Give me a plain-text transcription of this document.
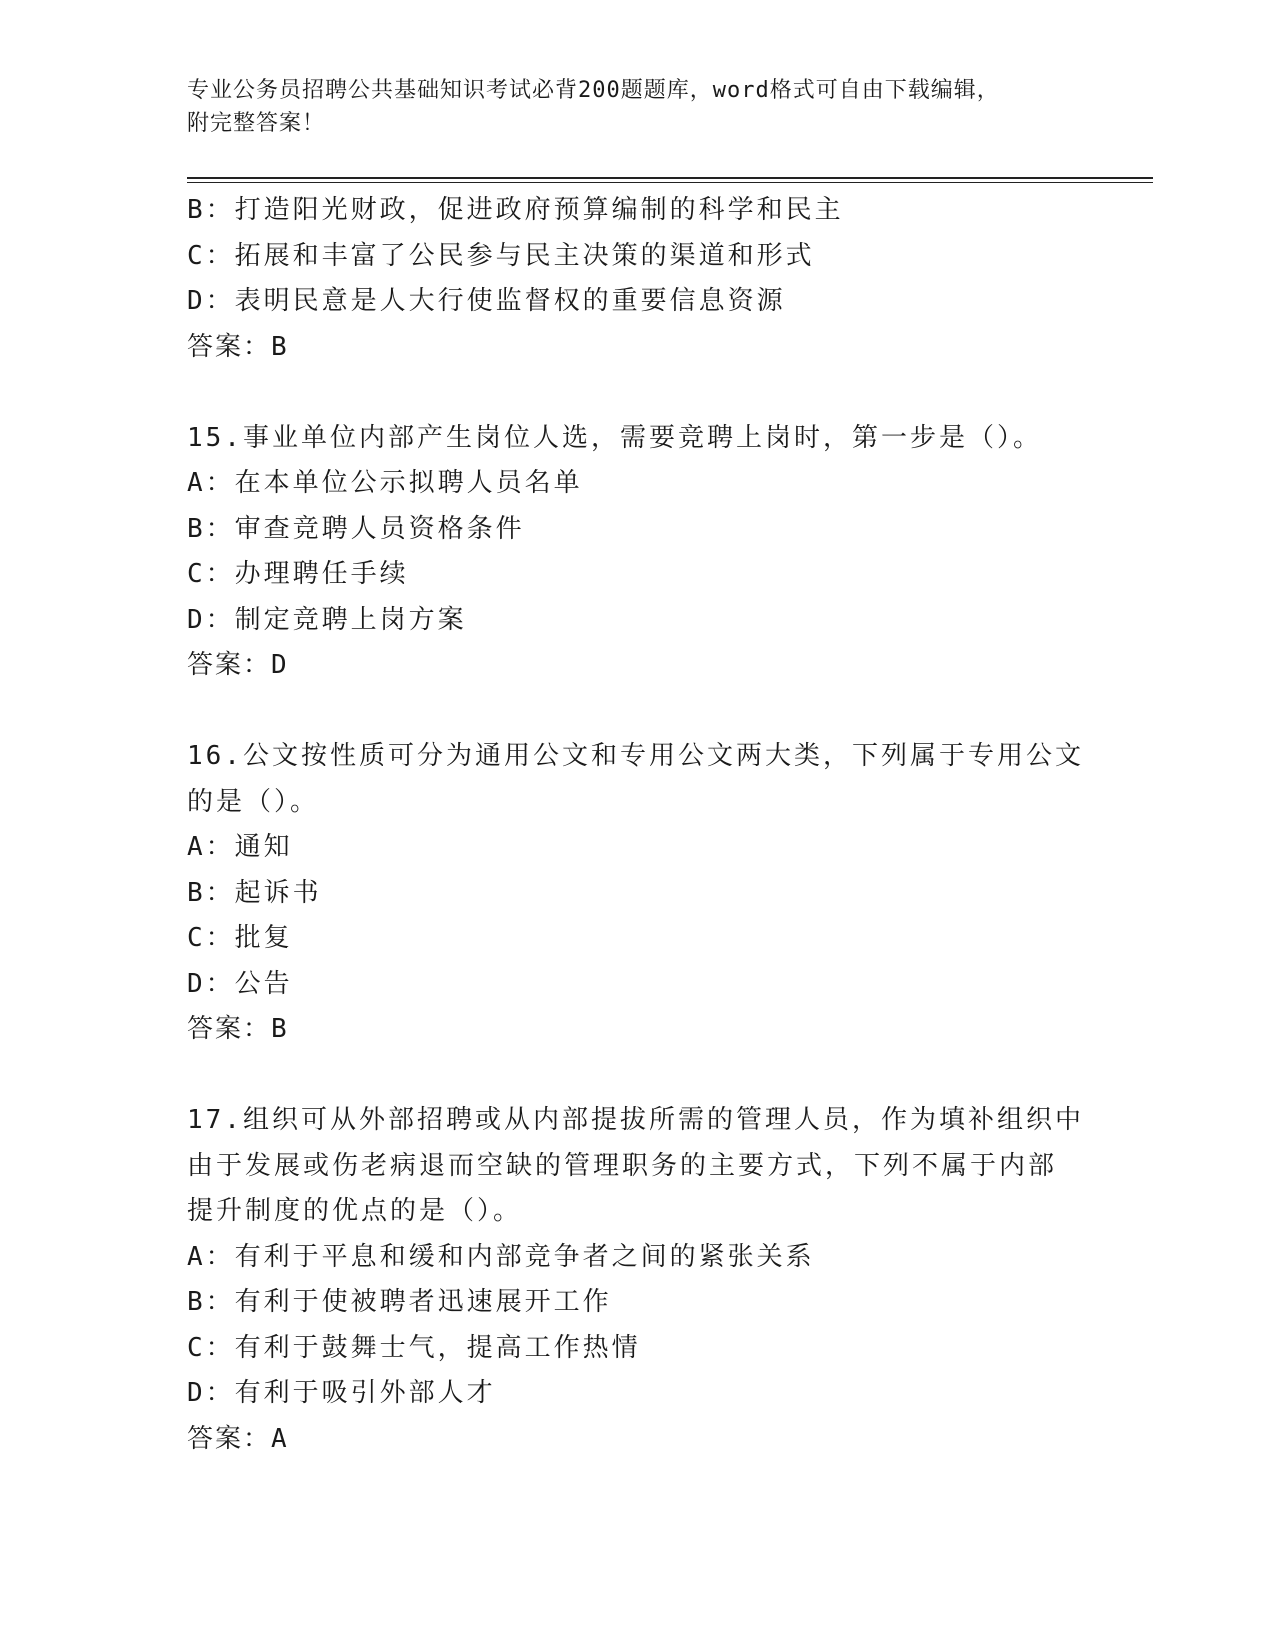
专业公务员招聘公共基础知识考试必背200题题库，word格式可自由下载编辑，
附完整答案！
B：打造阳光财政，促进政府预算编制的科学和民主
C：拓展和丰富了公民参与民主决策的渠道和形式
D：表明民意是人大行使监督权的重要信息资源
答案：B
15.事业单位内部产生岗位人选，需要竞聘上岗时，第一步是（）。
A：在本单位公示拟聘人员名单
B：审查竞聘人员资格条件
C：办理聘任手续
D：制定竞聘上岗方案
答案：D
16.公文按性质可分为通用公文和专用公文两大类，下列属于专用公文
的是（）。
A：通知
B：起诉书
C：批复
D：公告
答案：B
17.组织可从外部招聘或从内部提拔所需的管理人员，作为填补组织中
由于发展或伤老病退而空缺的管理职务的主要方式，下列不属于内部
提升制度的优点的是（）。
A：有利于平息和缓和内部竞争者之间的紧张关系
B：有利于使被聘者迅速展开工作
C：有利于鼓舞士气，提高工作热情
D：有利于吸引外部人才
答案：A
